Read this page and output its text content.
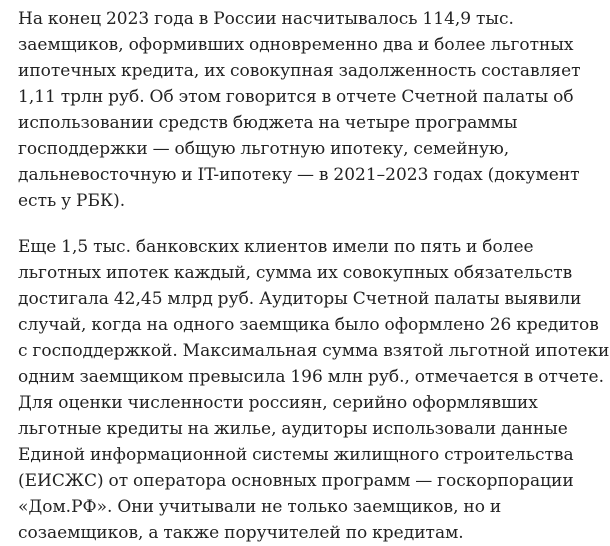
На конец 2023 года в России насчитывалось 114,9 тыс. заемщиков, оформивших одновременно два и более льготных ипотечных кредита, их совокупная задолженность составляет 1,11 трлн руб. Об этом говорится в отчете Счетной палаты об использовании средств бюджета на четыре программы господдержки — общую льготную ипотеку, семейную, дальневосточную и IT-ипотеку — в 2021–2023 годах (документ есть у РБК).

Еще 1,5 тыс. банковских клиентов имели по пять и более льготных ипотек каждый, сумма их совокупных обязательств достигала 42,45 млрд руб. Аудиторы Счетной палаты выявили случай, когда на одного заемщика было оформлено 26 кредитов с господдержкой. Максимальная сумма взятой льготной ипотеки одним заемщиком превысила 196 млн руб., отмечается в отчете. Для оценки численности россиян, серийно оформлявших льготные кредиты на жилье, аудиторы использовали данные Единой информационной системы жилищного строительства (ЕИСЖС) от оператора основных программ — госкорпорации «Дом.РФ». Они учитывали не только заемщиков, но и созаемщиков, а также поручителей по кредитам.
